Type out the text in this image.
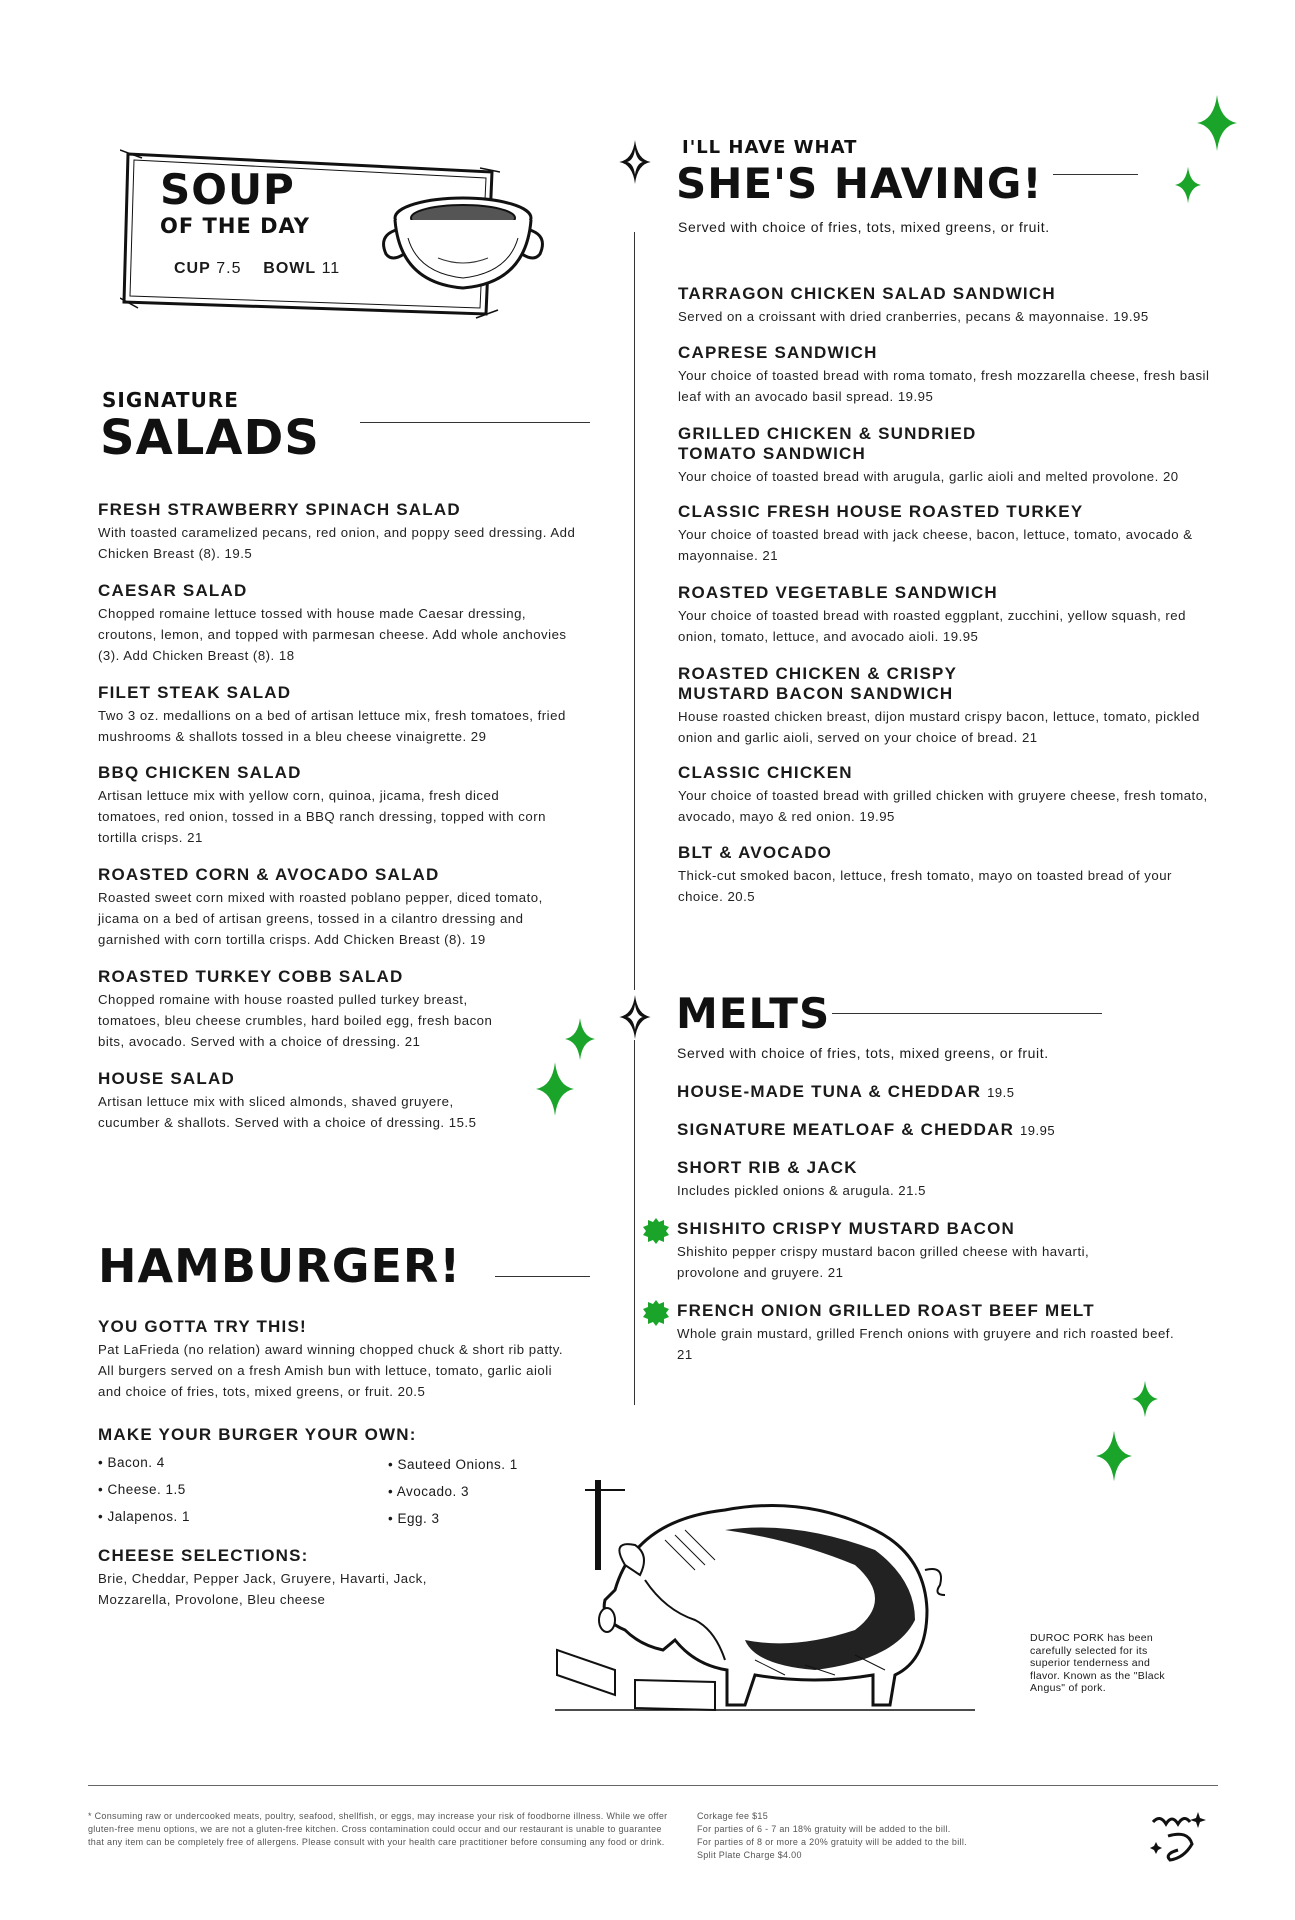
SOUP
OF THE DAY
CUP 7.5 BOWL 11
SIGNATURE
SALADS

FRESH STRAWBERRY SPINACH SALAD

With toasted caramelized pecans, red onion, and poppy seed dressing. Add Chicken Breast (8). 19.5

CAESAR SALAD

Chopped romaine lettuce tossed with house made Caesar dressing, croutons, lemon, and topped with parmesan cheese. Add whole anchovies (3). Add Chicken Breast (8). 18

FILET STEAK SALAD

Two 3 oz. medallions on a bed of artisan lettuce mix, fresh tomatoes, fried mushrooms & shallots tossed in a bleu cheese vinaigrette. 29

BBQ CHICKEN SALAD

Artisan lettuce mix with yellow corn, quinoa, jicama, fresh diced tomatoes, red onion, tossed in a BBQ ranch dressing, topped with corn tortilla crisps. 21

ROASTED CORN & AVOCADO SALAD

Roasted sweet corn mixed with roasted poblano pepper, diced tomato, jicama on a bed of artisan greens, tossed in a cilantro dressing and garnished with corn tortilla crisps. Add Chicken Breast (8). 19

ROASTED TURKEY COBB SALAD

Chopped romaine with house roasted pulled turkey breast, tomatoes, bleu cheese crumbles, hard boiled egg, fresh bacon bits, avocado. Served with a choice of dressing. 21

HOUSE SALAD

Artisan lettuce mix with sliced almonds, shaved gruyere, cucumber & shallots. Served with a choice of dressing. 15.5

HAMBURGER!

YOU GOTTA TRY THIS!

Pat LaFrieda (no relation) award winning chopped chuck & short rib patty. All burgers served on a fresh Amish bun with lettuce, tomato, garlic aioli and choice of fries, tots, mixed greens, or fruit. 20.5

MAKE YOUR BURGER YOUR OWN:
• Bacon. 4
• Cheese. 1.5
• Jalapenos. 1
• Sauteed Onions. 1
• Avocado. 3
• Egg. 3

CHEESE SELECTIONS:

Brie, Cheddar, Pepper Jack, Gruyere, Havarti, Jack, Mozzarella, Provolone, Bleu cheese

I'LL HAVE WHAT
SHE'S HAVING!
Served with choice of fries, tots, mixed greens, or fruit.

TARRAGON CHICKEN SALAD SANDWICH

Served on a croissant with dried cranberries, pecans & mayonnaise. 19.95

CAPRESE SANDWICH

Your choice of toasted bread with roma tomato, fresh mozzarella cheese, fresh basil leaf with an avocado basil spread. 19.95

GRILLED CHICKEN & SUNDRIED TOMATO SANDWICH

Your choice of toasted bread with arugula, garlic aioli and melted provolone. 20

CLASSIC FRESH HOUSE ROASTED TURKEY

Your choice of toasted bread with jack cheese, bacon, lettuce, tomato, avocado & mayonnaise. 21

ROASTED VEGETABLE SANDWICH

Your choice of toasted bread with roasted eggplant, zucchini, yellow squash, red onion, tomato, lettuce, and avocado aioli. 19.95

ROASTED CHICKEN & CRISPY MUSTARD BACON SANDWICH

House roasted chicken breast, dijon mustard crispy bacon, lettuce, tomato, pickled onion and garlic aioli, served on your choice of bread. 21

CLASSIC CHICKEN

Your choice of toasted bread with grilled chicken with gruyere cheese, fresh tomato, avocado, mayo & red onion. 19.95

BLT & AVOCADO

Thick-cut smoked bacon, lettuce, fresh tomato, mayo on toasted bread of your choice. 20.5

MELTS
Served with choice of fries, tots, mixed greens, or fruit.

HOUSE-MADE TUNA & CHEDDAR 19.5

SIGNATURE MEATLOAF & CHEDDAR 19.95

SHORT RIB & JACK

Includes pickled onions & arugula. 21.5

SHISHITO CRISPY MUSTARD BACON

Shishito pepper crispy mustard bacon grilled cheese with havarti, provolone and gruyere. 21

FRENCH ONION GRILLED ROAST BEEF MELT

Whole grain mustard, grilled French onions with gruyere and rich roasted beef. 21

DUROC PORK has been carefully selected for its superior tenderness and flavor. Known as the "Black Angus" of pork.
* Consuming raw or undercooked meats, poultry, seafood, shellfish, or eggs, may increase your risk of foodborne illness. While we offer gluten-free menu options, we are not a gluten-free kitchen. Cross contamination could occur and our restaurant is unable to guarantee that any item can be completely free of allergens. Please consult with your health care practitioner before consuming any food or drink.
Corkage fee $15
For parties of 6 - 7 an 18% gratuity will be added to the bill.
For parties of 8 or more a 20% gratuity will be added to the bill.
Split Plate Charge $4.00
